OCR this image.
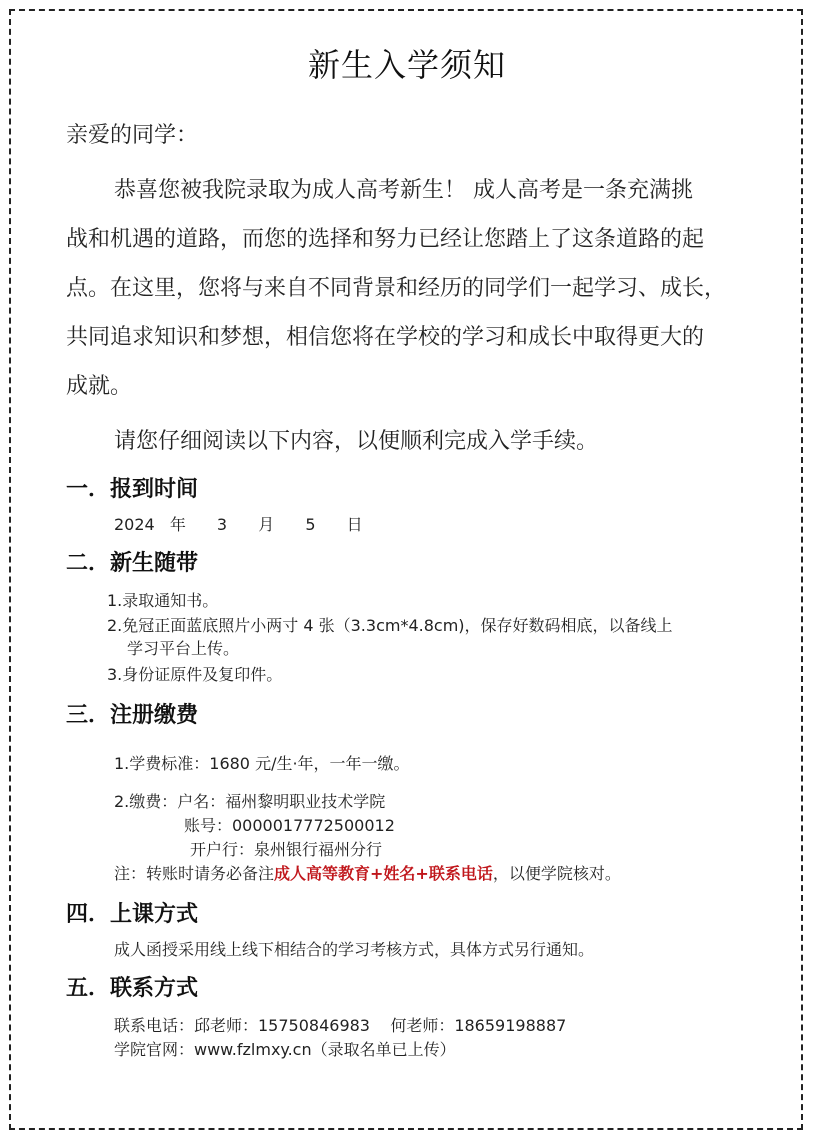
新生入学须知
亲爱的同学：
恭喜您被我院录取为成人高考新生！ 成人高考是一条充满挑
战和机遇的道路，而您的选择和努力已经让您踏上了这条道路的起
点。在这里，您将与来自不同背景和经历的同学们一起学习、成长，
共同追求知识和梦想，相信您将在学校的学习和成长中取得更大的
成就。
请您仔细阅读以下内容，以便顺利完成入学手续。
一．报到时间
2024 年 3 月 5 日
二．新生随带
1.录取通知书。
2.免冠正面蓝底照片小两寸 4 张（3.3cm*4.8cm)，保存好数码相底，以备线上
学习平台上传。
3.身份证原件及复印件。
三．注册缴费
1.学费标准：1680 元/生·年，一年一缴。
2.缴费：户名：福州黎明职业技术学院
账号：0000017772500012
开户行：泉州银行福州分行
注：转账时请务必备注成人高等教育+姓名+联系电话，以便学院核对。
四．上课方式
成人函授采用线上线下相结合的学习考核方式，具体方式另行通知。
五．联系方式
联系电话：邱老师：15750846983    何老师：18659198887
学院官网：www.fzlmxy.cn（录取名单已上传）
